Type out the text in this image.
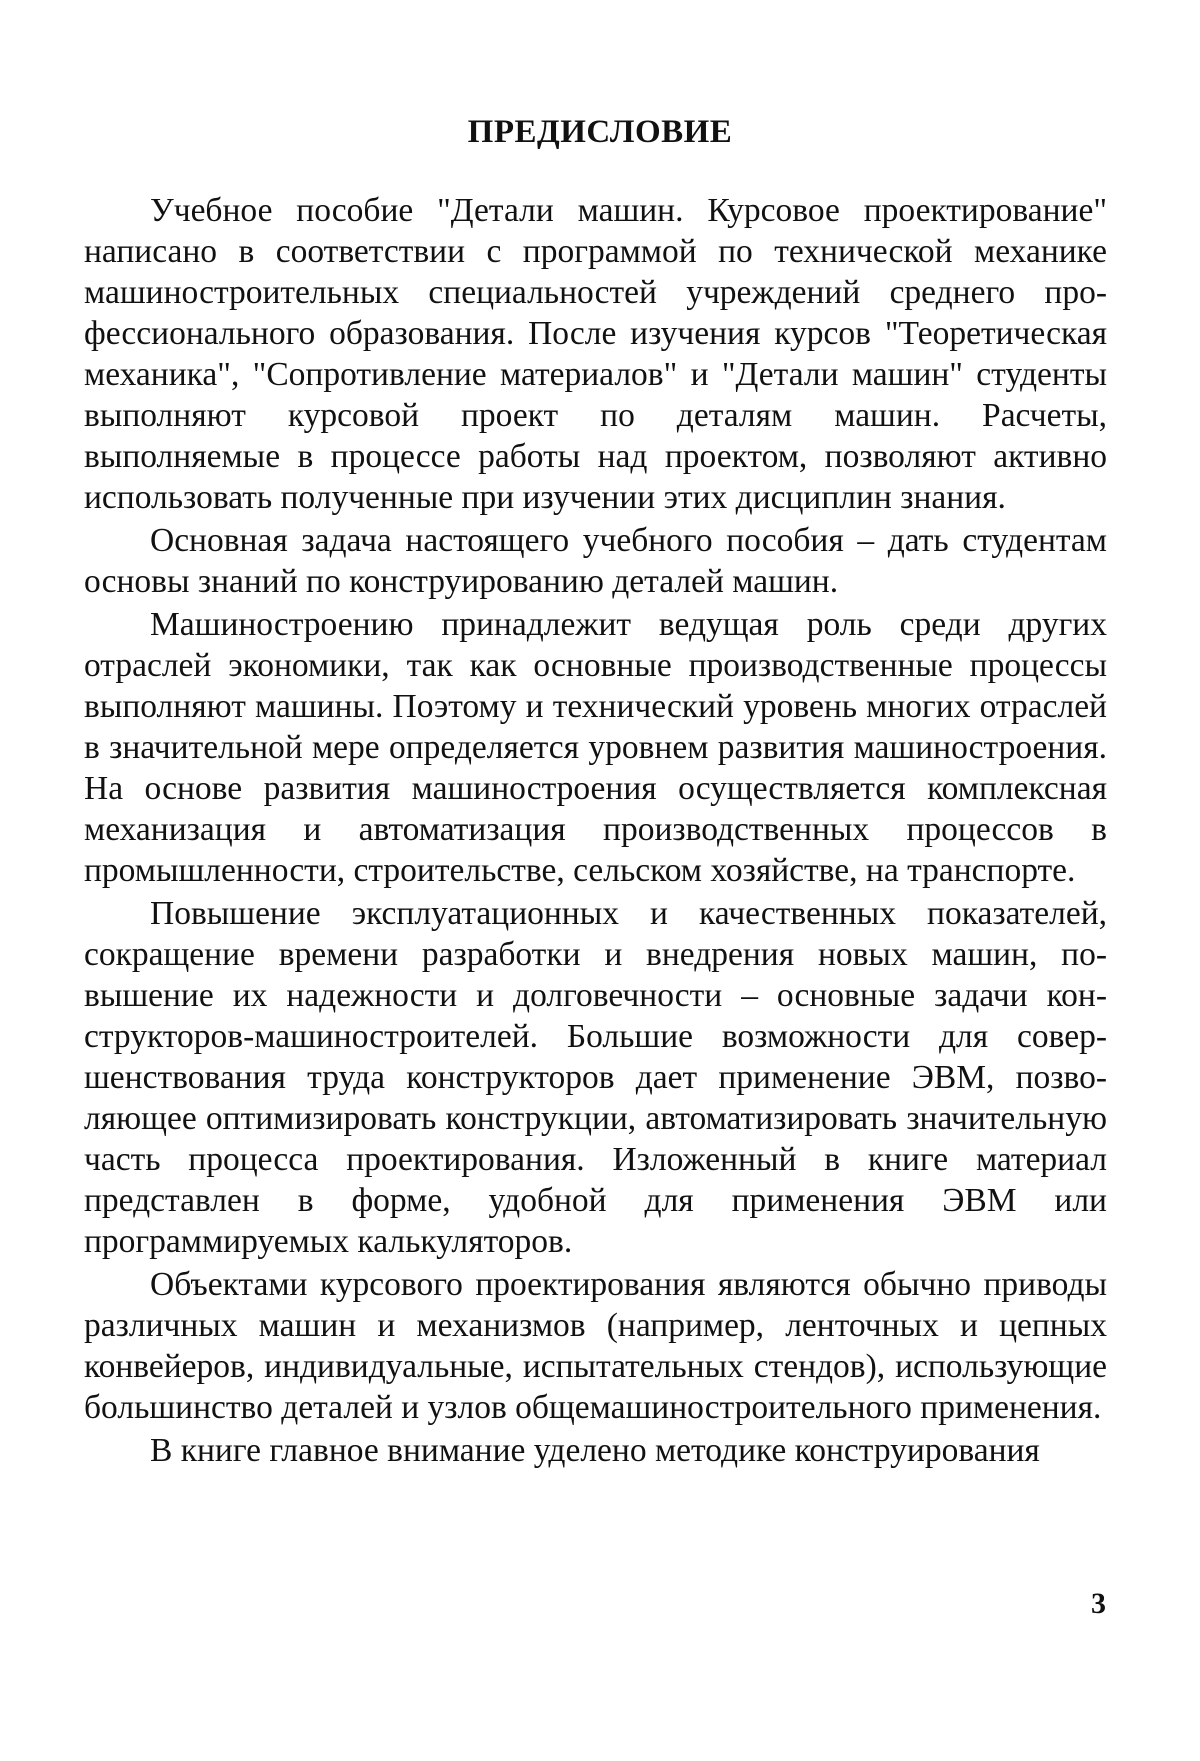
ПРЕДИСЛОВИЕ

Учебное пособие "Детали машин. Курсовое проектирование" написано в соответствии с программой по технической механике машиностроительных специальностей учреждений среднего профессионального образования. После изучения курсов "Теоретическая механика", "Сопротивление материалов" и "Детали машин" студенты выполняют курсовой проект по деталям машин. Расчеты, выполняемые в процессе работы над проектом, позволяют активно использовать полученные при изучении этих дисциплин знания.

Основная задача настоящего учебного пособия – дать студентам основы знаний по конструированию деталей машин.

Машиностроению принадлежит ведущая роль среди других отраслей экономики, так как основные производственные процессы выполняют машины. Поэтому и технический уровень многих отраслей в значительной мере определяется уровнем развития машиностроения. На основе развития машиностроения осуществляется комплексная механизация и автоматизация производственных процессов в промышленности, строительстве, сельском хозяйстве, на транспорте.

Повышение эксплуатационных и качественных показателей, сокращение времени разработки и внедрения новых машин, повышение их надежности и долговечности – основные задачи конструкторов-машиностроителей. Большие возможности для совершенствования труда конструкторов дает применение ЭВМ, позволяющее оптимизировать конструкции, автоматизировать значительную часть процесса проектирования. Изложенный в книге материал представлен в форме, удобной для применения ЭВМ или программируемых калькуляторов.

Объектами курсового проектирования являются обычно приводы различных машин и механизмов (например, ленточных и цепных конвейеров, индивидуальные, испытательных стендов), использующие большинство деталей и узлов общемашиностроительного применения.

В книге главное внимание уделено методике конструирования

3
